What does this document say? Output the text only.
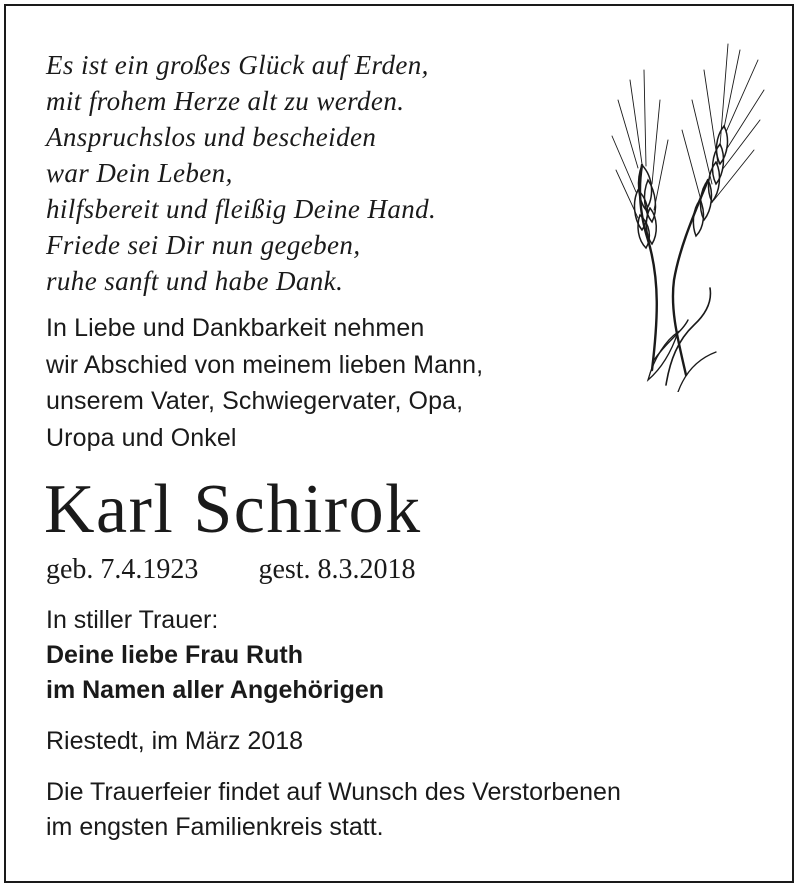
Es ist ein großes Glück auf Erden,
mit frohem Herze alt zu werden.
Anspruchslos und bescheiden
war Dein Leben,
hilfsbereit und fleißig Deine Hand.
Friede sei Dir nun gegeben,
ruhe sanft und habe Dank.
In Liebe und Dankbarkeit nehmen
wir Abschied von meinem lieben Mann,
unserem Vater, Schwiegervater, Opa,
Uropa und Onkel
Karl Schirok
geb. 7.4.1923 gest. 8.3.2018
In stiller Trauer:
Deine liebe Frau Ruth
im Namen aller Angehörigen
Riestedt, im März 2018
Die Trauerfeier findet auf Wunsch des Verstorbenen
im engsten Familienkreis statt.
